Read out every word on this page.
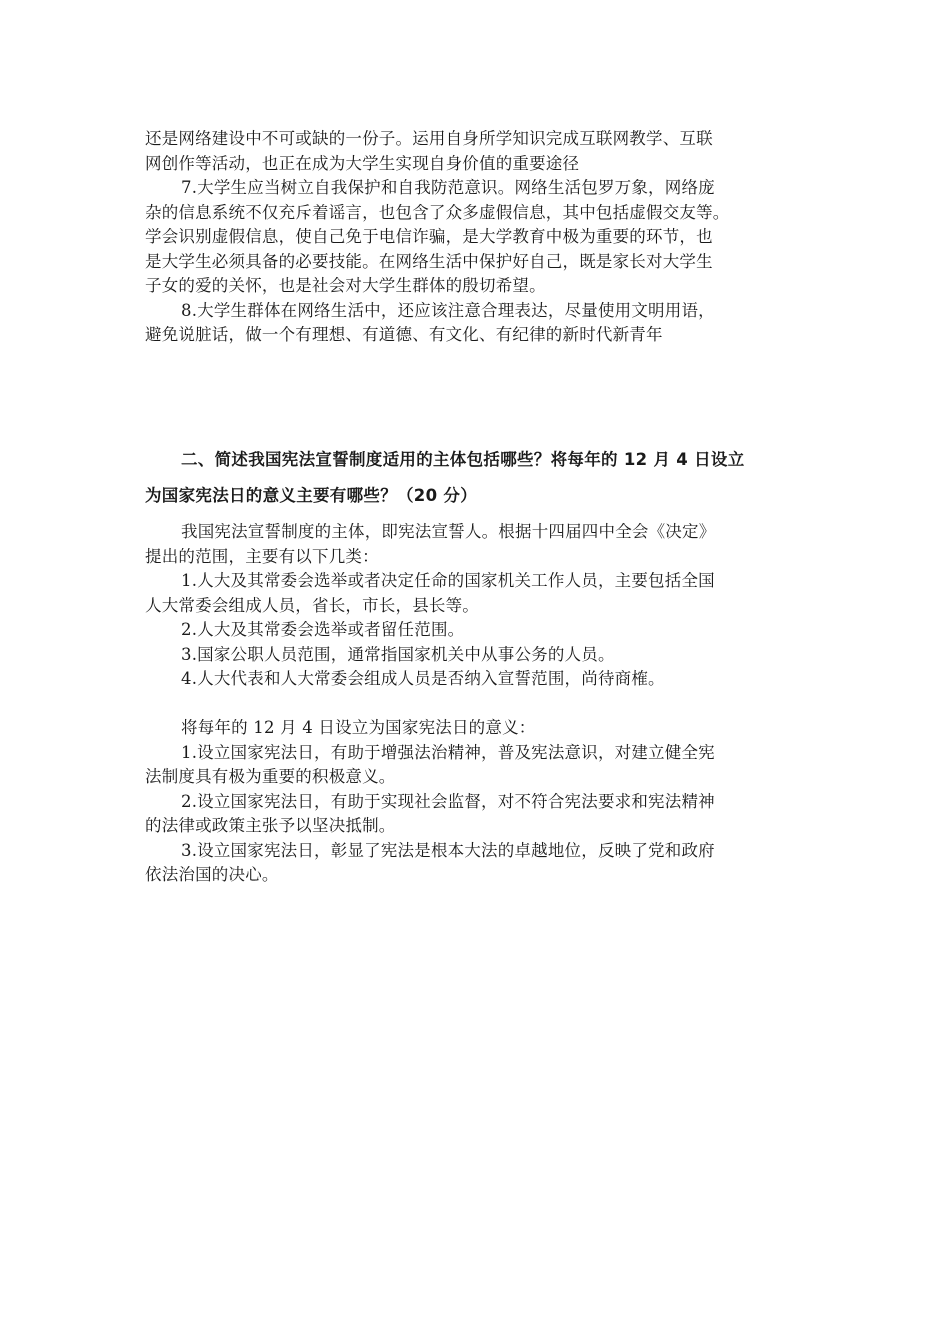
还是网络建设中不可或缺的一份子。运用自身所学知识完成互联网教学、互联
网创作等活动，也正在成为大学生实现自身价值的重要途径
7.大学生应当树立自我保护和自我防范意识。网络生活包罗万象，网络庞
杂的信息系统不仅充斥着谣言，也包含了众多虚假信息，其中包括虚假交友等。
学会识别虚假信息，使自己免于电信诈骗，是大学教育中极为重要的环节，也
是大学生必须具备的必要技能。在网络生活中保护好自己，既是家长对大学生
子女的爱的关怀，也是社会对大学生群体的殷切希望。
8.大学生群体在网络生活中，还应该注意合理表达，尽量使用文明用语，
避免说脏话，做一个有理想、有道德、有文化、有纪律的新时代新青年
二、简述我国宪法宣誓制度适用的主体包括哪些？将每年的 12 月 4 日设立
为国家宪法日的意义主要有哪些？（20 分）
我国宪法宣誓制度的主体，即宪法宣誓人。根据十四届四中全会《决定》
提出的范围，主要有以下几类：
1.人大及其常委会选举或者决定任命的国家机关工作人员，主要包括全国
人大常委会组成人员，省长，市长，县长等。
2.人大及其常委会选举或者留任范围。
3.国家公职人员范围，通常指国家机关中从事公务的人员。
4.人大代表和人大常委会组成人员是否纳入宣誓范围，尚待商榷。
将每年的 12 月 4 日设立为国家宪法日的意义：
1.设立国家宪法日，有助于增强法治精神，普及宪法意识，对建立健全宪
法制度具有极为重要的积极意义。
2.设立国家宪法日，有助于实现社会监督，对不符合宪法要求和宪法精神
的法律或政策主张予以坚决抵制。
3.设立国家宪法日，彰显了宪法是根本大法的卓越地位，反映了党和政府
依法治国的决心。
